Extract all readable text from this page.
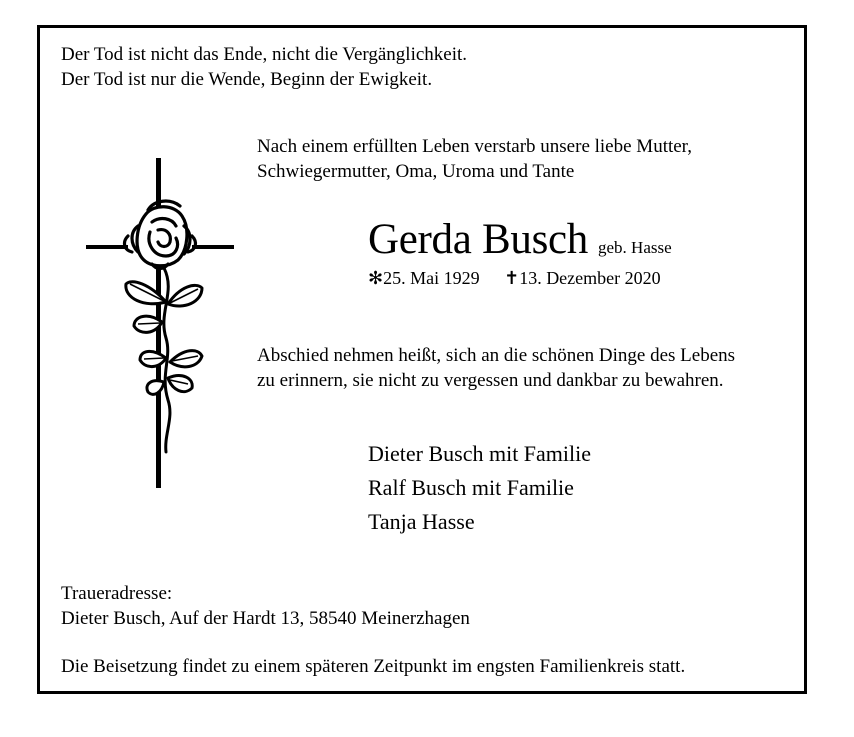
Der Tod ist nicht das Ende, nicht die Vergänglichkeit.
Der Tod ist nur die Wende, Beginn der Ewigkeit.
Nach einem erfüllten Leben verstarb unsere liebe Mutter,
Schwiegermutter, Oma, Uroma und Tante
Gerda Busch geb. Hasse
✻25. Mai 1929 ✝13. Dezember 2020
Abschied nehmen heißt, sich an die schönen Dinge des Lebens
zu erinnern, sie nicht zu vergessen und dankbar zu bewahren.
Dieter Busch mit Familie
Ralf Busch mit Familie
Tanja Hasse
Traueradresse:
Dieter Busch, Auf der Hardt 13, 58540 Meinerzhagen
Die Beisetzung findet zu einem späteren Zeitpunkt im engsten Familienkreis statt.
